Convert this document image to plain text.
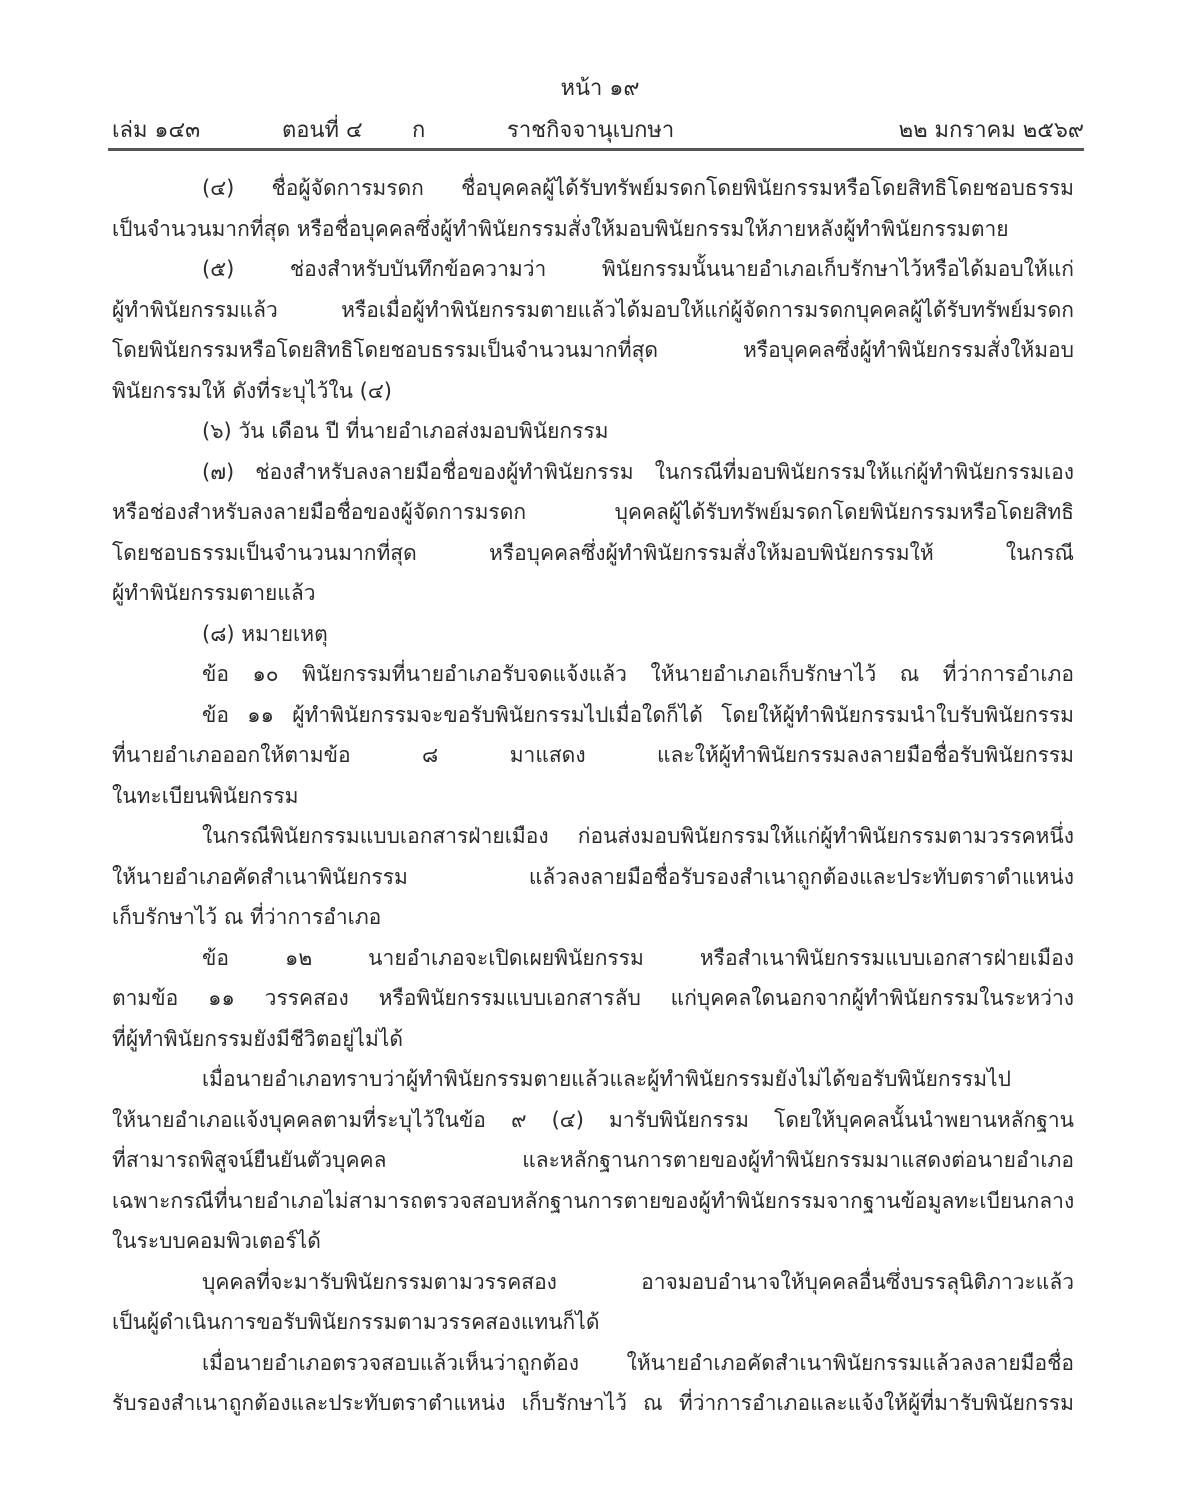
หน้า ๑๙
เล่ม ๑๔๓	ตอนที่ ๔ ก	ราชกิจจานุเบกษา	๒๒ มกราคม ๒๕๖๙
(๔) ชื่อผู้จัดการมรดก ชื่อบุคคลผู้ได้รับทรัพย์มรดกโดยพินัยกรรมหรือโดยสิทธิโดยชอบธรรม
เป็นจำนวนมากที่สุด หรือชื่อบุคคลซึ่งผู้ทำพินัยกรรมสั่งให้มอบพินัยกรรมให้ภายหลังผู้ทำพินัยกรรมตาย
(๕) ช่องสำหรับบันทึกข้อความว่า พินัยกรรมนั้นนายอำเภอเก็บรักษาไว้หรือได้มอบให้แก่
ผู้ทำพินัยกรรมแล้ว หรือเมื่อผู้ทำพินัยกรรมตายแล้วได้มอบให้แก่ผู้จัดการมรดกบุคคลผู้ได้รับทรัพย์มรดก
โดยพินัยกรรมหรือโดยสิทธิโดยชอบธรรมเป็นจำนวนมากที่สุด หรือบุคคลซึ่งผู้ทำพินัยกรรมสั่งให้มอบ
พินัยกรรมให้ ดังที่ระบุไว้ใน (๔)
(๖) วัน เดือน ปี ที่นายอำเภอส่งมอบพินัยกรรม
(๗) ช่องสำหรับลงลายมือชื่อของผู้ทำพินัยกรรม ในกรณีที่มอบพินัยกรรมให้แก่ผู้ทำพินัยกรรมเอง
หรือช่องสำหรับลงลายมือชื่อของผู้จัดการมรดก บุคคลผู้ได้รับทรัพย์มรดกโดยพินัยกรรมหรือโดยสิทธิ
โดยชอบธรรมเป็นจำนวนมากที่สุด หรือบุคคลซึ่งผู้ทำพินัยกรรมสั่งให้มอบพินัยกรรมให้ ในกรณี
ผู้ทำพินัยกรรมตายแล้ว
(๘) หมายเหตุ
ข้อ ๑๐ พินัยกรรมที่นายอำเภอรับจดแจ้งแล้ว ให้นายอำเภอเก็บรักษาไว้ ณ ที่ว่าการอำเภอ
ข้อ ๑๑ ผู้ทำพินัยกรรมจะขอรับพินัยกรรมไปเมื่อใดก็ได้ โดยให้ผู้ทำพินัยกรรมนำใบรับพินัยกรรม
ที่นายอำเภอออกให้ตามข้อ ๘ มาแสดง และให้ผู้ทำพินัยกรรมลงลายมือชื่อรับพินัยกรรม
ในทะเบียนพินัยกรรม
ในกรณีพินัยกรรมแบบเอกสารฝ่ายเมือง ก่อนส่งมอบพินัยกรรมให้แก่ผู้ทำพินัยกรรมตามวรรคหนึ่ง
ให้นายอำเภอคัดสำเนาพินัยกรรม แล้วลงลายมือชื่อรับรองสำเนาถูกต้องและประทับตราตำแหน่ง
เก็บรักษาไว้ ณ ที่ว่าการอำเภอ
ข้อ ๑๒ นายอำเภอจะเปิดเผยพินัยกรรม หรือสำเนาพินัยกรรมแบบเอกสารฝ่ายเมือง
ตามข้อ ๑๑ วรรคสอง หรือพินัยกรรมแบบเอกสารลับ แก่บุคคลใดนอกจากผู้ทำพินัยกรรมในระหว่าง
ที่ผู้ทำพินัยกรรมยังมีชีวิตอยู่ไม่ได้
เมื่อนายอำเภอทราบว่าผู้ทำพินัยกรรมตายแล้วและผู้ทำพินัยกรรมยังไม่ได้ขอรับพินัยกรรมไป
ให้นายอำเภอแจ้งบุคคลตามที่ระบุไว้ในข้อ ๙ (๔) มารับพินัยกรรม โดยให้บุคคลนั้นนำพยานหลักฐาน
ที่สามารถพิสูจน์ยืนยันตัวบุคคล และหลักฐานการตายของผู้ทำพินัยกรรมมาแสดงต่อนายอำเภอ
เฉพาะกรณีที่นายอำเภอไม่สามารถตรวจสอบหลักฐานการตายของผู้ทำพินัยกรรมจากฐานข้อมูลทะเบียนกลาง
ในระบบคอมพิวเตอร์ได้
บุคคลที่จะมารับพินัยกรรมตามวรรคสอง อาจมอบอำนาจให้บุคคลอื่นซึ่งบรรลุนิติภาวะแล้ว
เป็นผู้ดำเนินการขอรับพินัยกรรมตามวรรคสองแทนก็ได้
เมื่อนายอำเภอตรวจสอบแล้วเห็นว่าถูกต้อง ให้นายอำเภอคัดสำเนาพินัยกรรมแล้วลงลายมือชื่อ
รับรองสำเนาถูกต้องและประทับตราตำแหน่ง เก็บรักษาไว้ ณ ที่ว่าการอำเภอและแจ้งให้ผู้ที่มารับพินัยกรรม
